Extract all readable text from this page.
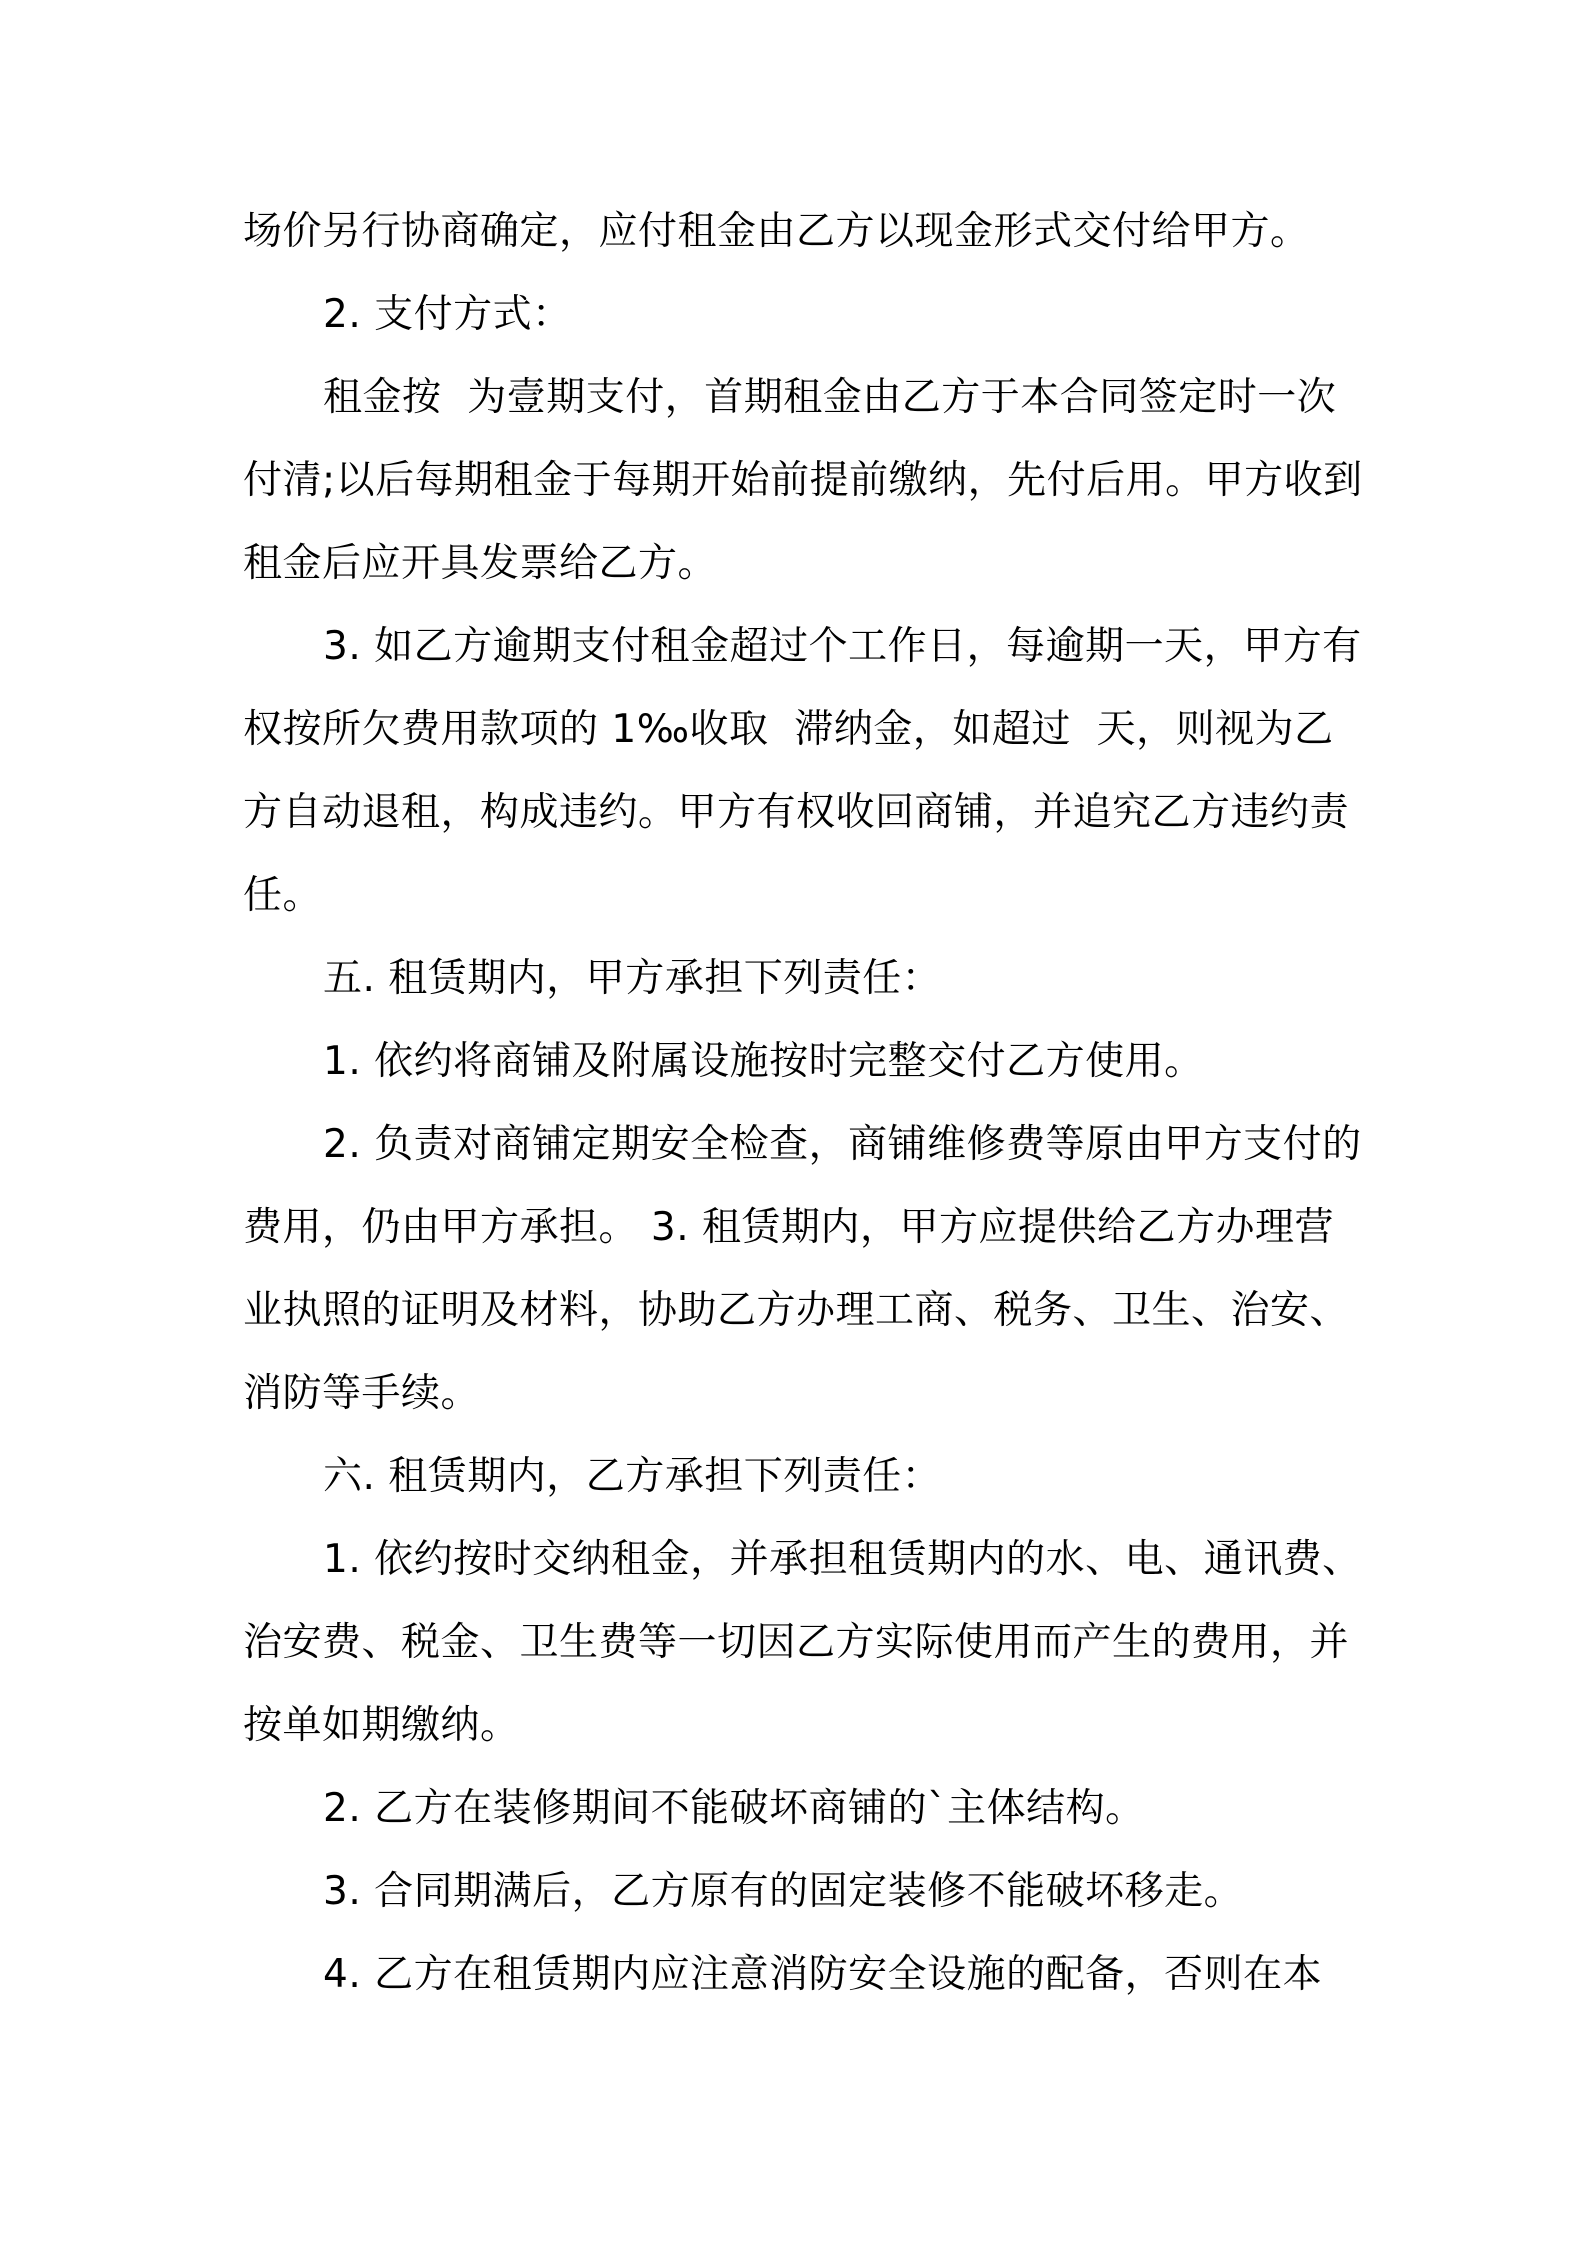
场价另行协商确定，应付租金由乙方以现金形式交付给甲方。

2. 支付方式：

租金按  为壹期支付，首期租金由乙方于本合同签定时一次付清;以后每期租金于每期开始前提前缴纳，先付后用。甲方收到租金后应开具发票给乙方。

3. 如乙方逾期支付租金超过个工作日，每逾期一天，甲方有权按所欠费用款项的 1‰收取  滞纳金，如超过  天，则视为乙方自动退租，构成违约。甲方有权收回商铺，并追究乙方违约责任。

五. 租赁期内，甲方承担下列责任：

1. 依约将商铺及附属设施按时完整交付乙方使用。

2. 负责对商铺定期安全检查，商铺维修费等原由甲方支付的费用，仍由甲方承担。 3. 租赁期内，甲方应提供给乙方办理营业执照的证明及材料，协助乙方办理工商、税务、卫生、治安、消防等手续。

六. 租赁期内，乙方承担下列责任：

1. 依约按时交纳租金，并承担租赁期内的水、电、通讯费、治安费、税金、卫生费等一切因乙方实际使用而产生的费用，并按单如期缴纳。

2. 乙方在装修期间不能破坏商铺的`主体结构。

3. 合同期满后，乙方原有的固定装修不能破坏移走。

4. 乙方在租赁期内应注意消防安全设施的配备，否则在本
